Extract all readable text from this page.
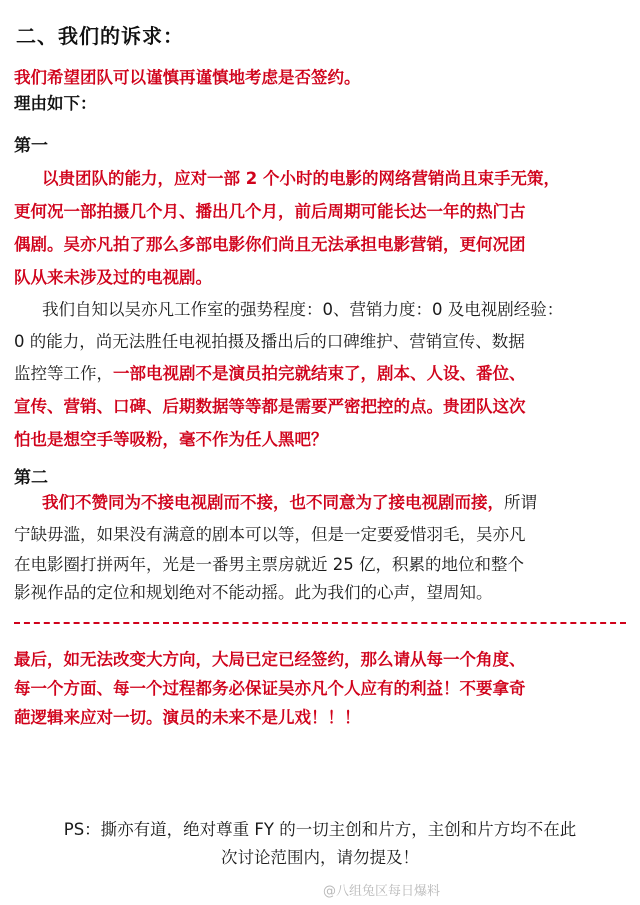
二、我们的诉求：
我们希望团队可以谨慎再谨慎地考虑是否签约。
理由如下：
第一
以贵团队的能力，应对一部 2 个小时的电影的网络营销尚且束手无策，
更何况一部拍摄几个月、播出几个月，前后周期可能长达一年的热门古
偶剧。吴亦凡拍了那么多部电影你们尚且无法承担电影营销，更何况团
队从来未涉及过的电视剧。
我们自知以吴亦凡工作室的强势程度：0、营销力度：0 及电视剧经验：
0 的能力，尚无法胜任电视拍摄及播出后的口碑维护、营销宣传、数据
监控等工作，一部电视剧不是演员拍完就结束了，剧本、人设、番位、
宣传、营销、口碑、后期数据等等都是需要严密把控的点。贵团队这次
怕也是想空手等吸粉，毫不作为任人黑吧？
第二
我们不赞同为不接电视剧而不接，也不同意为了接电视剧而接，所谓
宁缺毋滥，如果没有满意的剧本可以等，但是一定要爱惜羽毛，吴亦凡
在电影圈打拼两年，光是一番男主票房就近 25 亿，积累的地位和整个
影视作品的定位和规划绝对不能动摇。此为我们的心声，望周知。
最后，如无法改变大方向，大局已定已经签约，那么请从每一个角度、
每一个方面、每一个过程都务必保证吴亦凡个人应有的利益！不要拿奇
葩逻辑来应对一切。演员的未来不是儿戏！！！
PS：撕亦有道，绝对尊重 FY 的一切主创和片方，主创和片方均不在此
次讨论范围内，请勿提及！
@八组兔区每日爆料
